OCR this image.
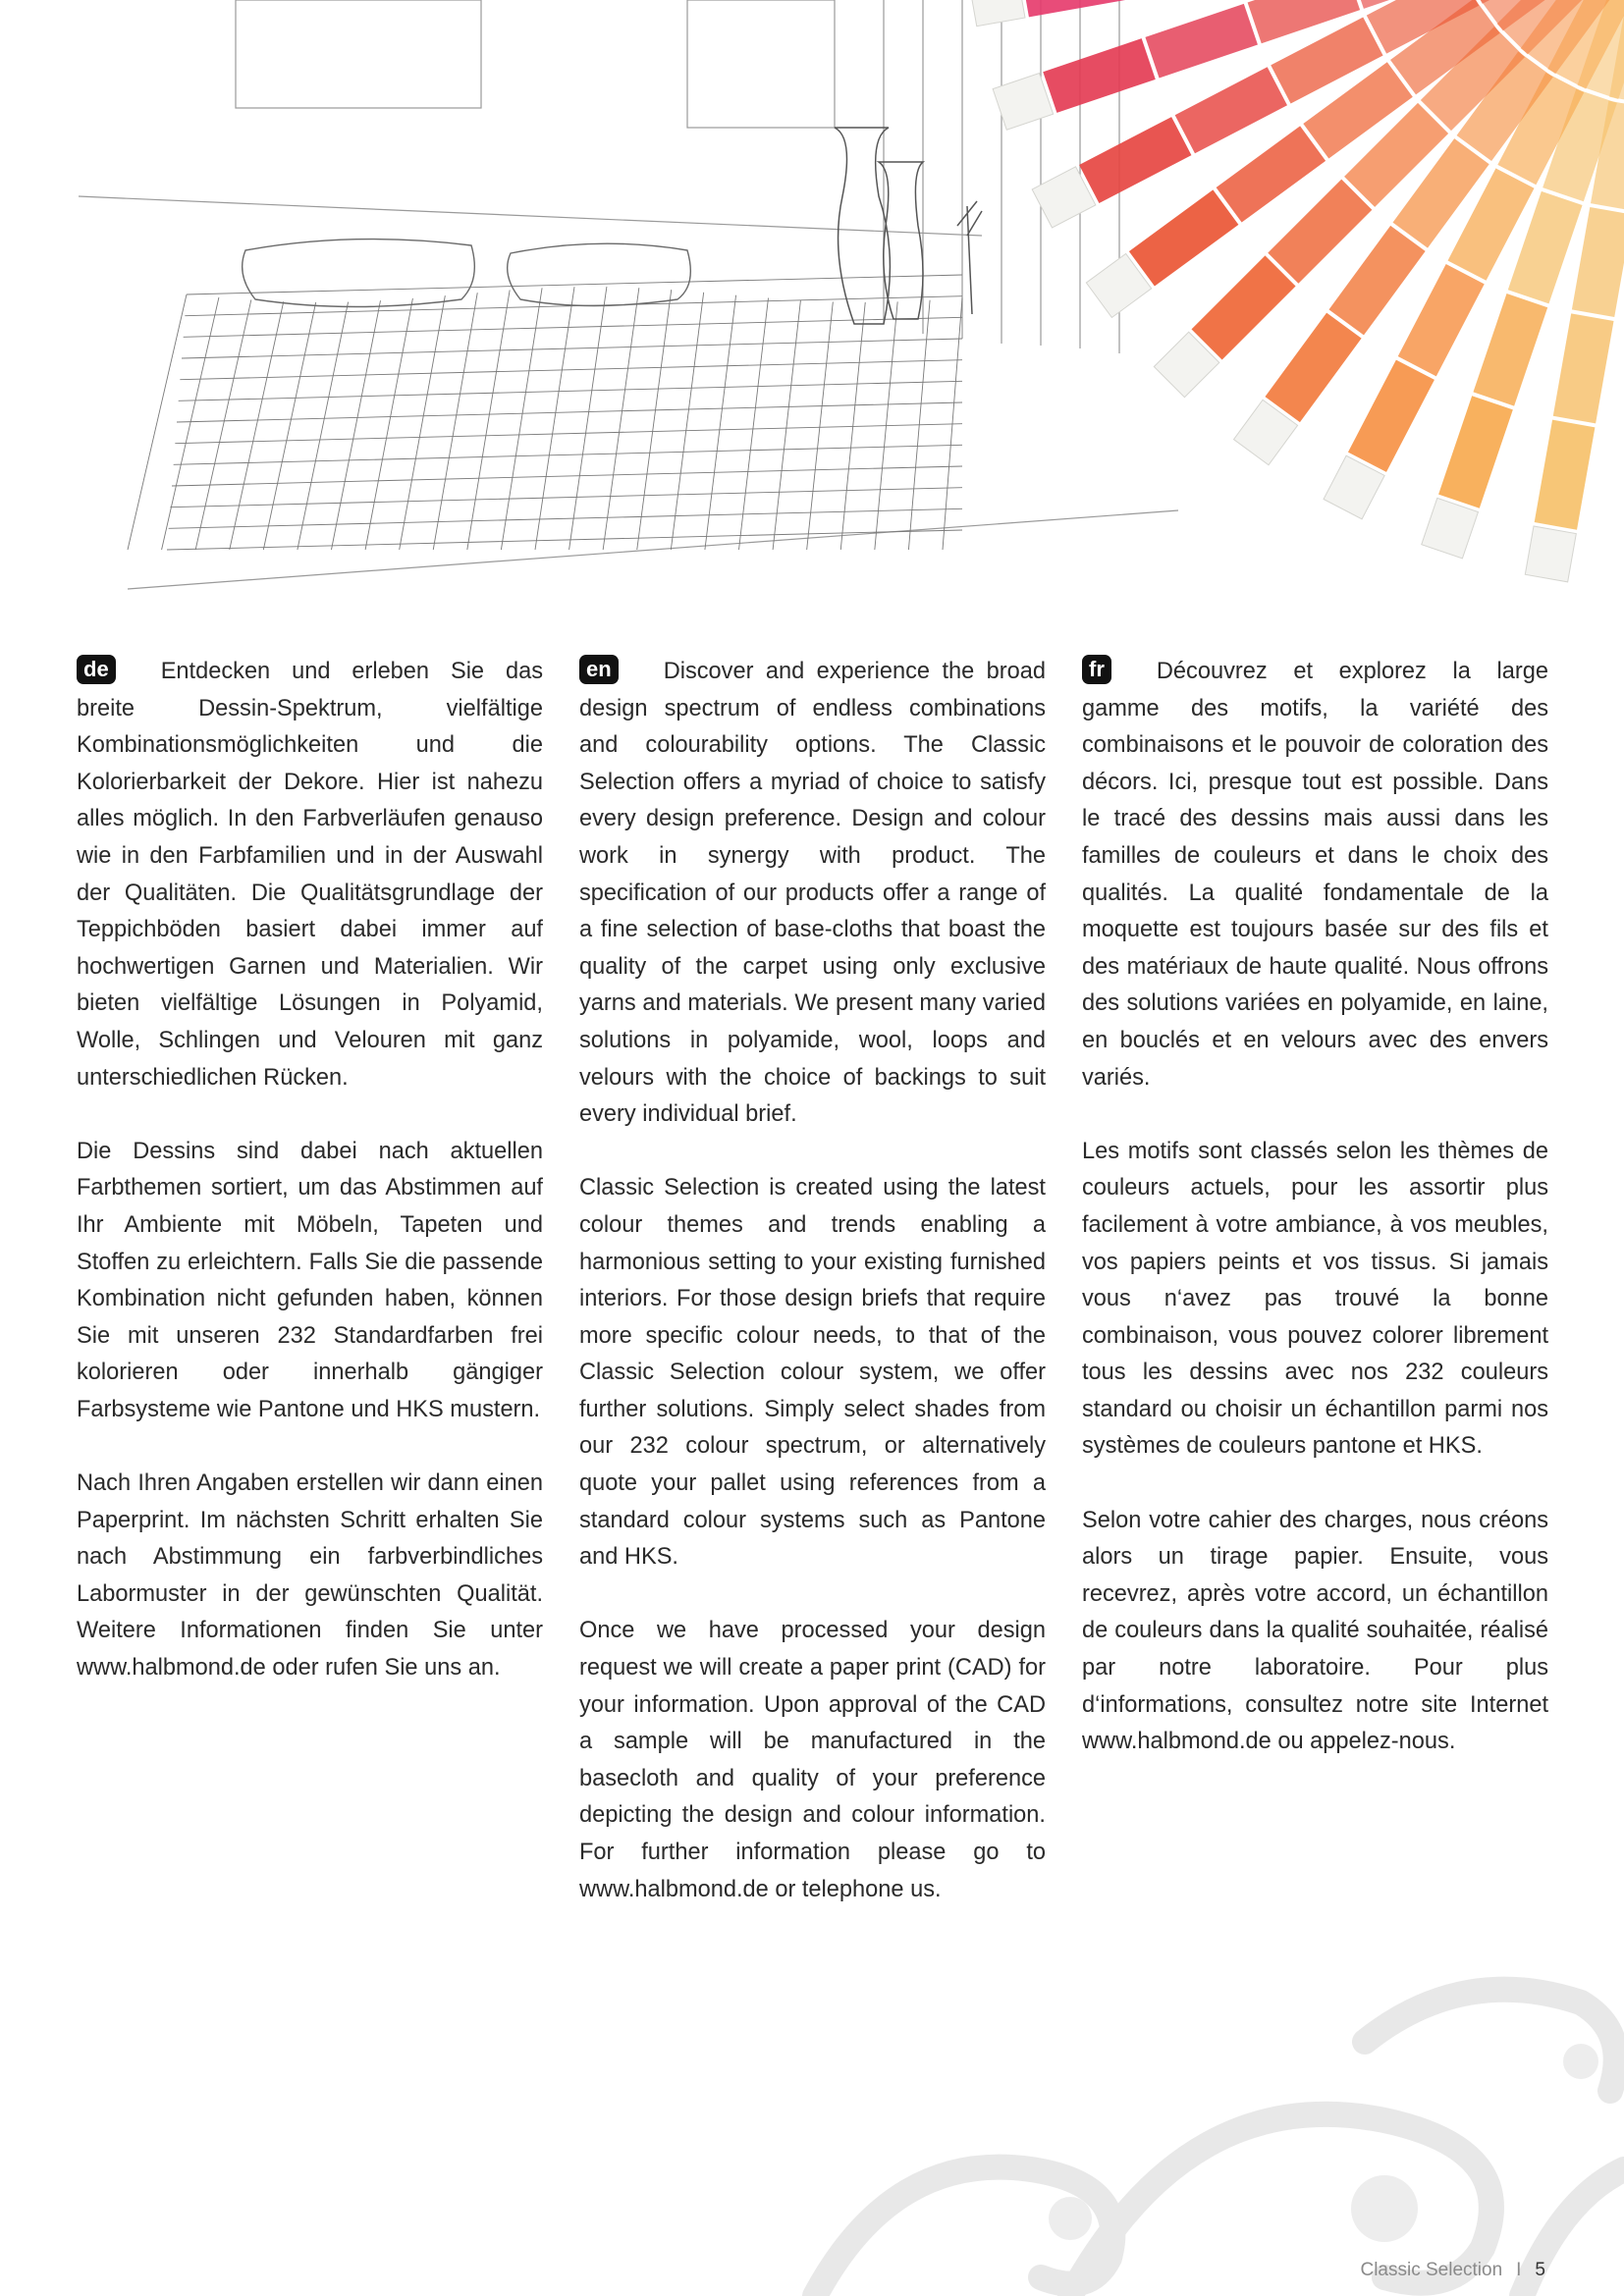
de Entdecken und erleben Sie das breite Dessin-Spektrum, vielfältige Kombinationsmöglichkeiten und die Kolorierbarkeit der Dekore. Hier ist nahezu alles möglich. In den Farbverläufen genauso wie in den Farbfamilien und in der Auswahl der Qualitäten. Die Qualitätsgrundlage der Teppichböden basiert dabei immer auf hochwertigen Garnen und Materialien. Wir bieten vielfältige Lösungen in Polyamid, Wolle, Schlingen und Velouren mit ganz unterschiedlichen Rücken.

Die Dessins sind dabei nach aktuellen Farbthemen sortiert, um das Abstimmen auf Ihr Ambiente mit Möbeln, Tapeten und Stoffen zu erleichtern. Falls Sie die passende Kombination nicht gefunden haben, können Sie mit unseren 232 Standardfarben frei kolorieren oder innerhalb gängiger Farbsysteme wie Pantone und HKS mustern.

Nach Ihren Angaben erstellen wir dann einen Paperprint. Im nächsten Schritt erhalten Sie nach Abstimmung ein farbverbindliches Labormuster in der gewünschten Qualität. Weitere Informationen finden Sie unter www.halbmond.de oder rufen Sie uns an.

en Discover and experience the broad design spectrum of endless combinations and colourability options. The Classic Selection offers a myriad of choice to satisfy every design preference. Design and colour work in synergy with product. The specification of our products offer a range of a fine selection of base-cloths that boast the quality of the carpet using only exclusive yarns and materials. We present many varied solutions in polyamide, wool, loops and velours with the choice of backings to suit every individual brief.

Classic Selection is created using the latest colour themes and trends enabling a harmonious setting to your existing furnished interiors. For those design briefs that require more specific colour needs, to that of the Classic Selection colour system, we offer further solutions. Simply select shades from our 232 colour spectrum, or alternatively quote your pallet using references from a standard colour systems such as Pantone and HKS.

Once we have processed your design request we will create a paper print (CAD) for your information. Upon approval of the CAD a sample will be manufactured in the basecloth and quality of your preference depicting the design and colour information. For further information please go to www.halbmond.de or telephone us.

fr Découvrez et explorez la large gamme des motifs, la variété des combinaisons et le pouvoir de coloration des décors. Ici, presque tout est possible. Dans le tracé des dessins mais aussi dans les familles de couleurs et dans le choix des qualités. La qualité fondamentale de la moquette est toujours basée sur des fils et des matériaux de haute qualité. Nous offrons des solutions variées en polyamide, en laine, en bouclés et en velours avec des envers variés.

Les motifs sont classés selon les thèmes de couleurs actuels, pour les assortir plus facilement à votre ambiance, à vos meubles, vos papiers peints et vos tissus. Si jamais vous n‘avez pas trouvé la bonne combinaison, vous pouvez colorer librement tous les dessins avec nos 232 couleurs standard ou choisir un échantillon parmi nos systèmes de couleurs pantone et HKS.

Selon votre cahier des charges, nous créons alors un tirage papier. Ensuite, vous recevrez, après votre accord, un échantillon de couleurs dans la qualité souhaitée, réalisé par notre laboratoire. Pour plus d‘informations, consultez notre site Internet www.halbmond.de ou appelez-nous.

Classic Selection I 5
